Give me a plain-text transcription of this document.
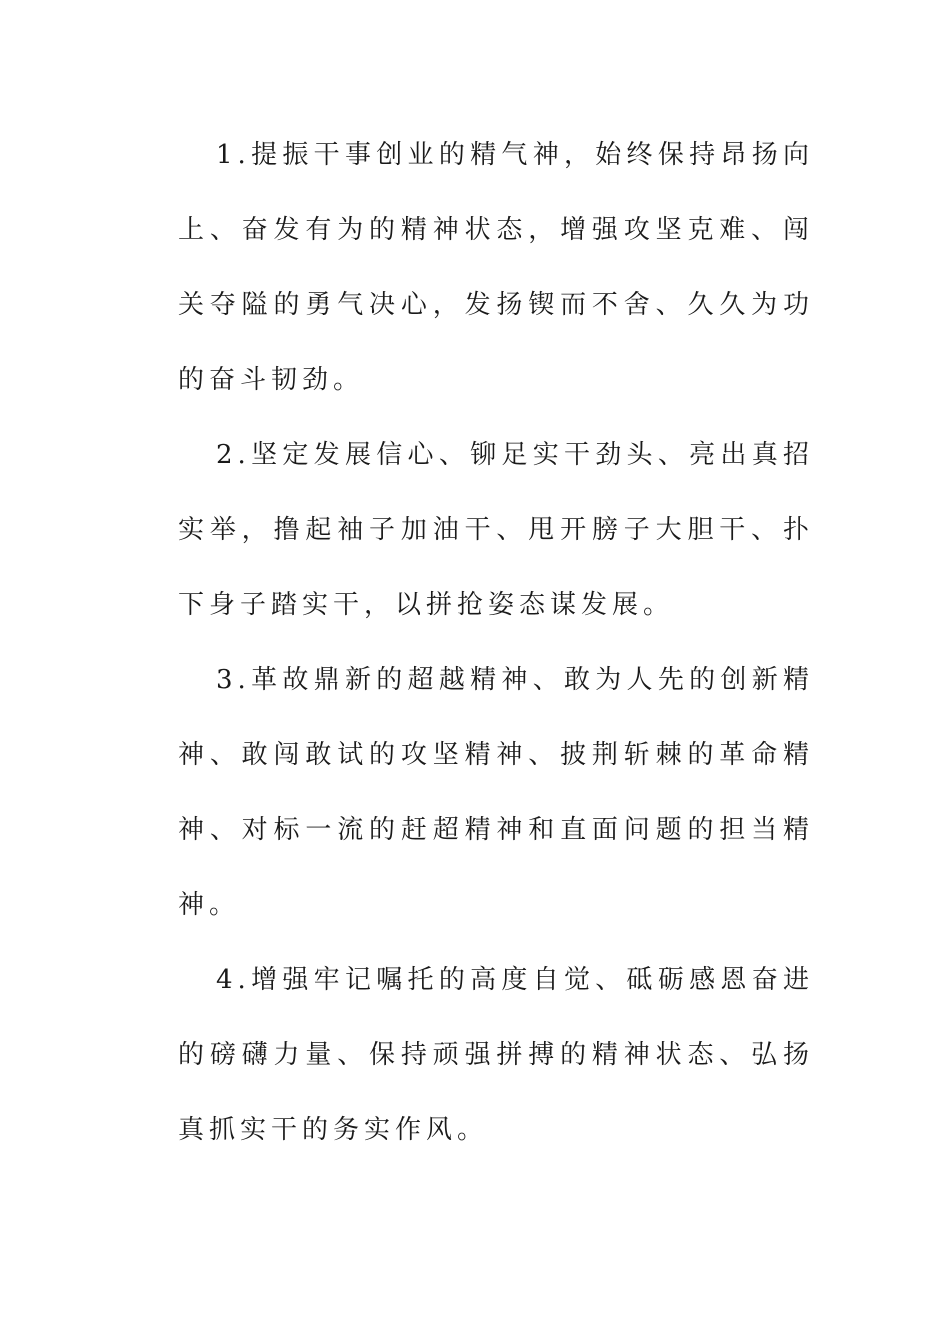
1.提振干事创业的精气神，始终保持昂扬向上、奋发有为的精神状态，增强攻坚克难、闯关夺隘的勇气决心，发扬锲而不舍、久久为功的奋斗韧劲。

2.坚定发展信心、铆足实干劲头、亮出真招实举，撸起袖子加油干、甩开膀子大胆干、扑下身子踏实干，以拼抢姿态谋发展。

3.革故鼎新的超越精神、敢为人先的创新精神、敢闯敢试的攻坚精神、披荆斩棘的革命精神、对标一流的赶超精神和直面问题的担当精神。

4.增强牢记嘱托的高度自觉、砥砺感恩奋进的磅礴力量、保持顽强拼搏的精神状态、弘扬真抓实干的务实作风。
